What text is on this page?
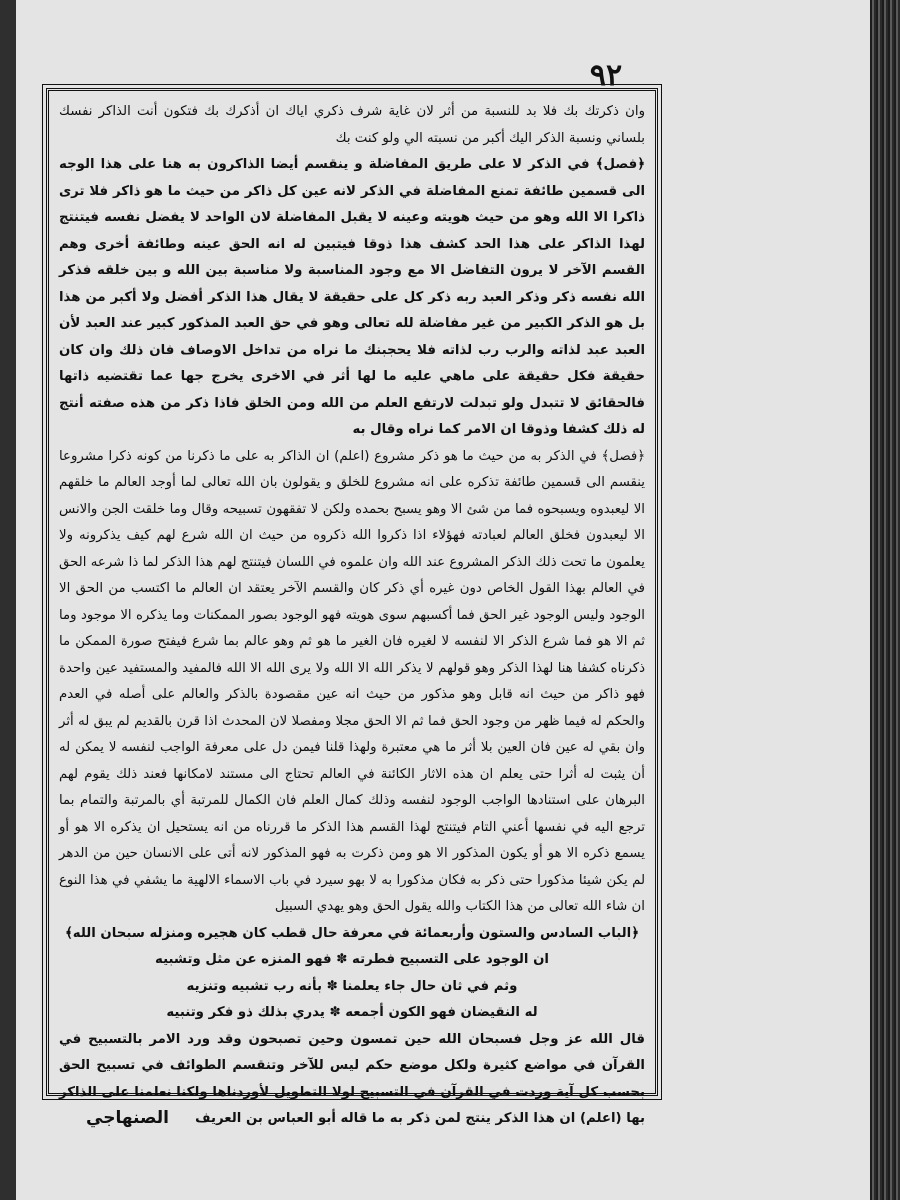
٩٢

وان ذكرتك بك فلا بد للنسبة من أثر لان غاية شرف ذكري اياك ان أذكرك بك فتكون أنت الذاكر نفسك بلساني ونسبة الذكر اليك أكبر من نسبته الي ولو كنت بك

﴿فصل﴾ في الذكر لا على طريق المفاضلة و ينقسم أيضا الذاكرون به هنا على هذا الوجه الى قسمين طائفة تمنع المفاضلة في الذكر لانه عين كل ذاكر من حيث ما هو ذاكر فلا ترى ذاكرا الا الله وهو من حيث هويته وعينه لا يقبل المفاضلة لان الواحد لا يفضل نفسه فيتنتج لهذا الذاكر على هذا الحد كشف هذا ذوقا فيتبين له انه الحق عينه وطائفة أخرى وهم القسم الآخر لا يرون التفاضل الا مع وجود المناسبة ولا مناسبة بين الله و بين خلقه فذكر الله نفسه ذكر وذكر العبد ربه ذكر كل على حقيقة لا يقال هذا الذكر أفضل ولا أكبر من هذا بل هو الذكر الكبير من غير مفاضلة لله تعالى وهو في حق العبد المذكور كبير عند العبد لأن العبد عبد لذاته والرب رب لذاته فلا يحجبنك ما نراه من تداخل الاوصاف فان ذلك وان كان حقيقة فكل حقيقة على ماهي عليه ما لها أثر في الاخرى يخرج جها عما تقتضيه ذاتها فالحقائق لا تتبدل ولو تبدلت لارتفع العلم من الله ومن الخلق فاذا ذكر من هذه صفته أنتج له ذلك كشفا وذوقا ان الامر كما نراه وقال به

﴿فصل﴾ في الذكر به من حيث ما هو ذكر مشروع (اعلم) ان الذاكر به على ما ذكرنا من كونه ذكرا مشروعا ينقسم الى قسمين طائفة تذكره على انه مشروع للخلق و يقولون بان الله تعالى لما أوجد العالم ما خلقهم الا ليعبدوه ويسبحوه فما من شئ الا وهو يسبح بحمده ولكن لا تفقهون تسبيحه وقال وما خلقت الجن والانس الا ليعبدون فخلق العالم لعبادته فهؤلاء اذا ذكروا الله ذكروه من حيث ان الله شرع لهم كيف يذكرونه ولا يعلمون ما تحت ذلك الذكر المشروع عند الله وان علموه في اللسان فيتنتج لهم هذا الذكر لما ذا شرعه الحق في العالم بهذا القول الخاص دون غيره أي ذكر كان والقسم الآخر يعتقد ان العالم ما اكتسب من الحق الا الوجود وليس الوجود غير الحق فما أكسبهم سوى هويته فهو الوجود بصور الممكنات وما يذكره الا موجود وما ثم الا هو فما شرع الذكر الا لنفسه لا لغيره فان الغير ما هو ثم وهو عالم بما شرع فيفتح صورة الممكن ما ذكرناه كشفا هنا لهذا الذكر وهو قولهم لا يذكر الله الا الله ولا يرى الله الا الله فالمفيد والمستفيد عين واحدة فهو ذاكر من حيث انه قابل وهو مذكور من حيث انه عين مقصودة بالذكر والعالم على أصله في العدم والحكم له فيما ظهر من وجود الحق فما ثم الا الحق مجلا ومفصلا لان المحدث اذا قرن بالقديم لم يبق له أثر وان بقي له عين فان العين بلا أثر ما هي معتبرة ولهذا قلنا فيمن دل على معرفة الواجب لنفسه لا يمكن له أن يثبت له أثرا حتى يعلم ان هذه الاثار الكائنة في العالم تحتاج الى مستند لامكانها فعند ذلك يقوم لهم البرهان على استنادها الواجب الوجود لنفسه وذلك كمال العلم فان الكمال للمرتبة أي بالمرتبة والتمام بما ترجع اليه في نفسها أعني التام فيتنتج لهذا القسم هذا الذكر ما قررناه من انه يستحيل ان يذكره الا هو أو يسمع ذكره الا هو أو يكون المذكور الا هو ومن ذكرت به فهو المذكور لانه أتى على الانسان حين من الدهر لم يكن شيئا مذكورا حتى ذكر به فكان مذكورا به لا بهو سيرد في باب الاسماء الالهية ما يشفي في هذا النوع ان شاء الله تعالى من هذا الكتاب والله يقول الحق وهو يهدي السبيل

﴿الباب السادس والستون وأربعمائة في معرفة حال قطب كان هجيره ومنزله سبحان الله﴾

ان الوجود على التسبيح فطرته ✽ فهو المنزه عن مثل وتشبيه

وثم في ثان حال جاء يعلمنا ✽ بأنه رب تشبيه وتنزيه

له النقيضان فهو الكون أجمعه ✽ يدري بذلك ذو فكر وتنبيه

قال الله عز وجل فسبحان الله حين تمسون وحين تصبحون وقد ورد الامر بالتسبيح في القرآن في مواضع كثيرة ولكل موضع حكم ليس للآخر وتنقسم الطوائف في تسبيح الحق بحسب كل آية وردت في القرآن في التسبيح لولا التطويل لأوردناها ولكنا نعلمنا على الذاكر بها (اعلم) ان هذا الذكر ينتج لمن ذكر به ما قاله أبو العباس بن العريف

الصنهاجي
